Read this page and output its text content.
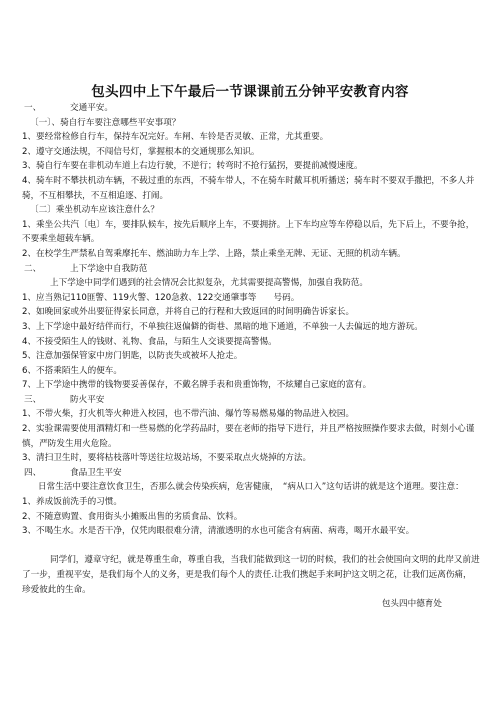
包头四中上下午最后一节课课前五分钟平安教育内容

一、	交通平安。

〔一〕、骑自行车要注意哪些平安事项？

1、要经常检修自行车，保持车况完好。车闸、车铃是否灵敏、正常，尤其重要。

2、遵守交通法规，不闯信号灯，掌握根本的交通规那么知识。

3、骑自行车要在非机动车道上右边行驶，不逆行；转弯时不抢行猛拐，要提前减慢速度。

4、骑车时不攀扶机动车辆，不载过重的东西，不骑车带人，不在骑车时戴耳机听播送；骑车时不要双手撒把，不多人并骑，不互相攀扶，不互相追逐、打闹。

〔二〕乘坐机动车应该注意什么？

1、乘坐公共汽〔电〕车，要排队候车，按先后顺序上车，不要拥挤。上下车均应等车停稳以后，先下后上，不要争抢，不要乘坐超载车辆。

2、在校学生严禁私自驾乘摩托车、燃油助力车上学、上路，禁止乘坐无牌、无证、无照的机动车辆。

二、	上下学途中自我防范

上下学途中同学们遇到的社会情况会比拟复杂，尤其需要提高警惕，加强自我防范。

1、应当熟记110匪警、119火警、120急救、122交通肇事等　　号码。

2、如晚回家或外出要征得家长同意，并将自己的行程和大致返回的时间明确告诉家长。

3、上下学途中最好结伴而行，不单独往返偏僻的街巷、黑暗的地下通道，不单独一人去偏远的地方游玩。

4、不接受陌生人的钱财、礼物、食品，与陌生人交谈要提高警惕。

5、注意加强保管家中房门钥匙，以防丧失或被坏人抢走。

6、不搭乘陌生人的便车。

7、上下学途中携带的钱物要妥善保存，不戴名牌手表和贵重饰物，不炫耀自己家庭的富有。

三、	防火平安

1、不带火柴，打火机等火种进入校园，也不带汽油、爆竹等易燃易爆的物品进入校园。

2、实验课需要使用酒精灯和一些易燃的化学药品时，要在老师的指导下进行，并且严格按照操作要求去做，时刻小心谨慎，严防发生用火危险。

3、清扫卫生时，要将枯枝落叶等送往垃圾站场，不要采取点火烧掉的方法。

四、	食品卫生平安

日常生活中要注意饮食卫生，否那么就会传染疾病，危害健康，　“病从口入”这句话讲的就是这个道理。要注意：

1、养成饭前洗手的习惯。

2、不随意购置、食用街头小摊贩出售的劣质食品、饮料。

3、不喝生水。水是否干净，仅凭肉眼很难分清，清澈透明的水也可能含有病菌、病毒，喝开水最平安。

同学们，遵章守纪，就是尊重生命，尊重自我，当我们能做到这一切的时候，我们的社会使国向文明的此岸又前进了一步，重视平安，是我们每个人的义务，更是我们每个人的责任.让我们携起手来呵护这文明之花，让我们远离伤痛，珍爱彼此的生命。

包头四中德育处
